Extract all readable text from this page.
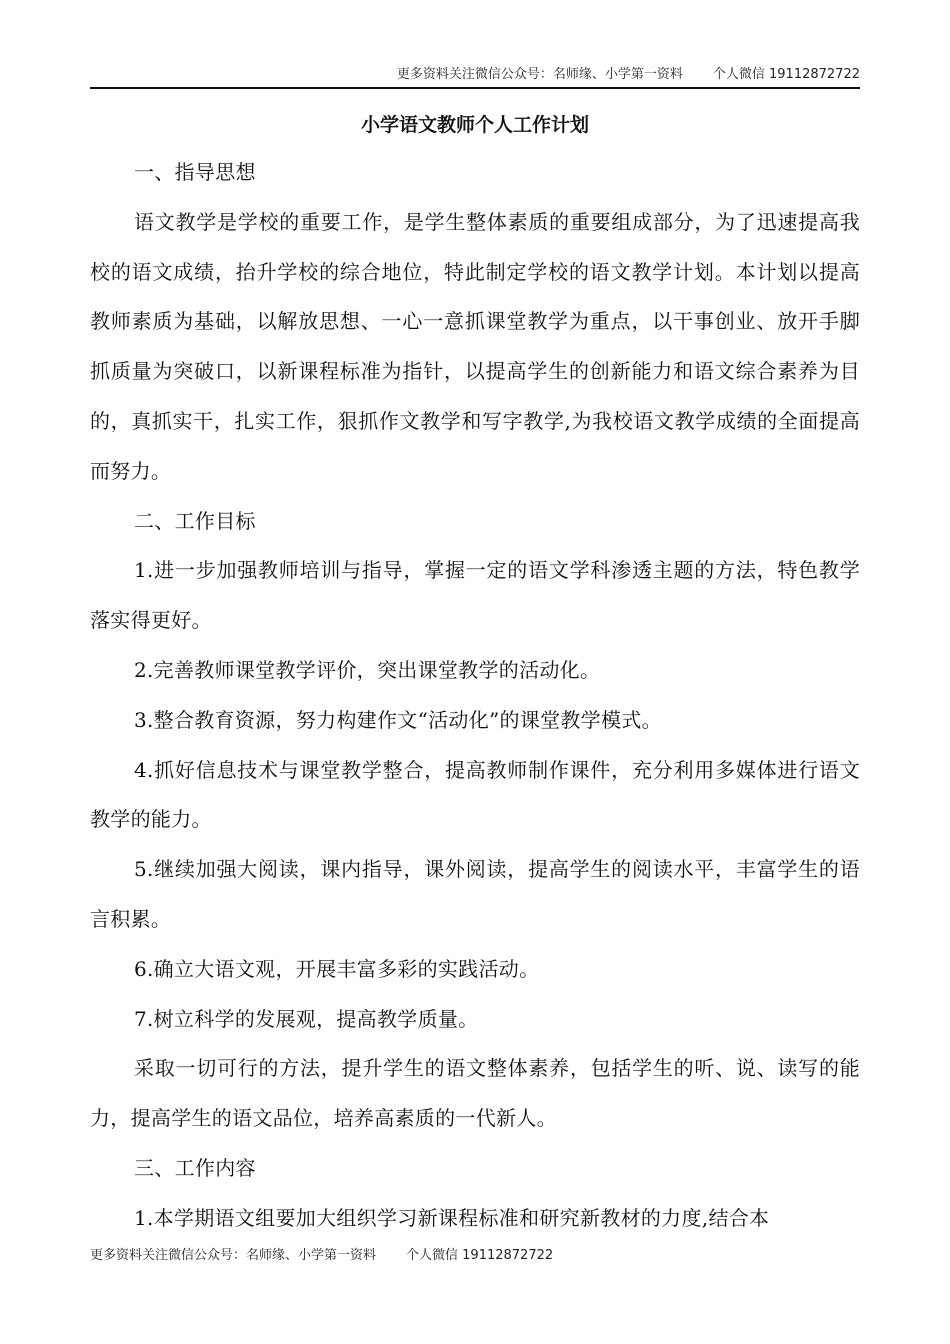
更多资料关注微信公众号：名师缘、小学第一资料 个人微信 19112872722
小学语文教师个人工作计划

一、指导思想

语文教学是学校的重要工作，是学生整体素质的重要组成部分，为了迅速提高我校的语文成绩，抬升学校的综合地位，特此制定学校的语文教学计划。本计划以提高教师素质为基础，以解放思想、一心一意抓课堂教学为重点，以干事创业、放开手脚抓质量为突破口，以新课程标准为指针，以提高学生的创新能力和语文综合素养为目的，真抓实干，扎实工作，狠抓作文教学和写字教学,为我校语文教学成绩的全面提高而努力。

二、工作目标

1.进一步加强教师培训与指导，掌握一定的语文学科渗透主题的方法，特色教学落实得更好。

2.完善教师课堂教学评价，突出课堂教学的活动化。

3.整合教育资源，努力构建作文“活动化”的课堂教学模式。

4.抓好信息技术与课堂教学整合，提高教师制作课件，充分利用多媒体进行语文教学的能力。

5.继续加强大阅读，课内指导，课外阅读，提高学生的阅读水平，丰富学生的语言积累。

6.确立大语文观，开展丰富多彩的实践活动。

7.树立科学的发展观，提高教学质量。

采取一切可行的方法，提升学生的语文整体素养，包括学生的听、说、读写的能力，提高学生的语文品位，培养高素质的一代新人。

三、工作内容

1.本学期语文组要加大组织学习新课程标准和研究新教材的力度,结合本

更多资料关注微信公众号：名师缘、小学第一资料 个人微信 19112872722
